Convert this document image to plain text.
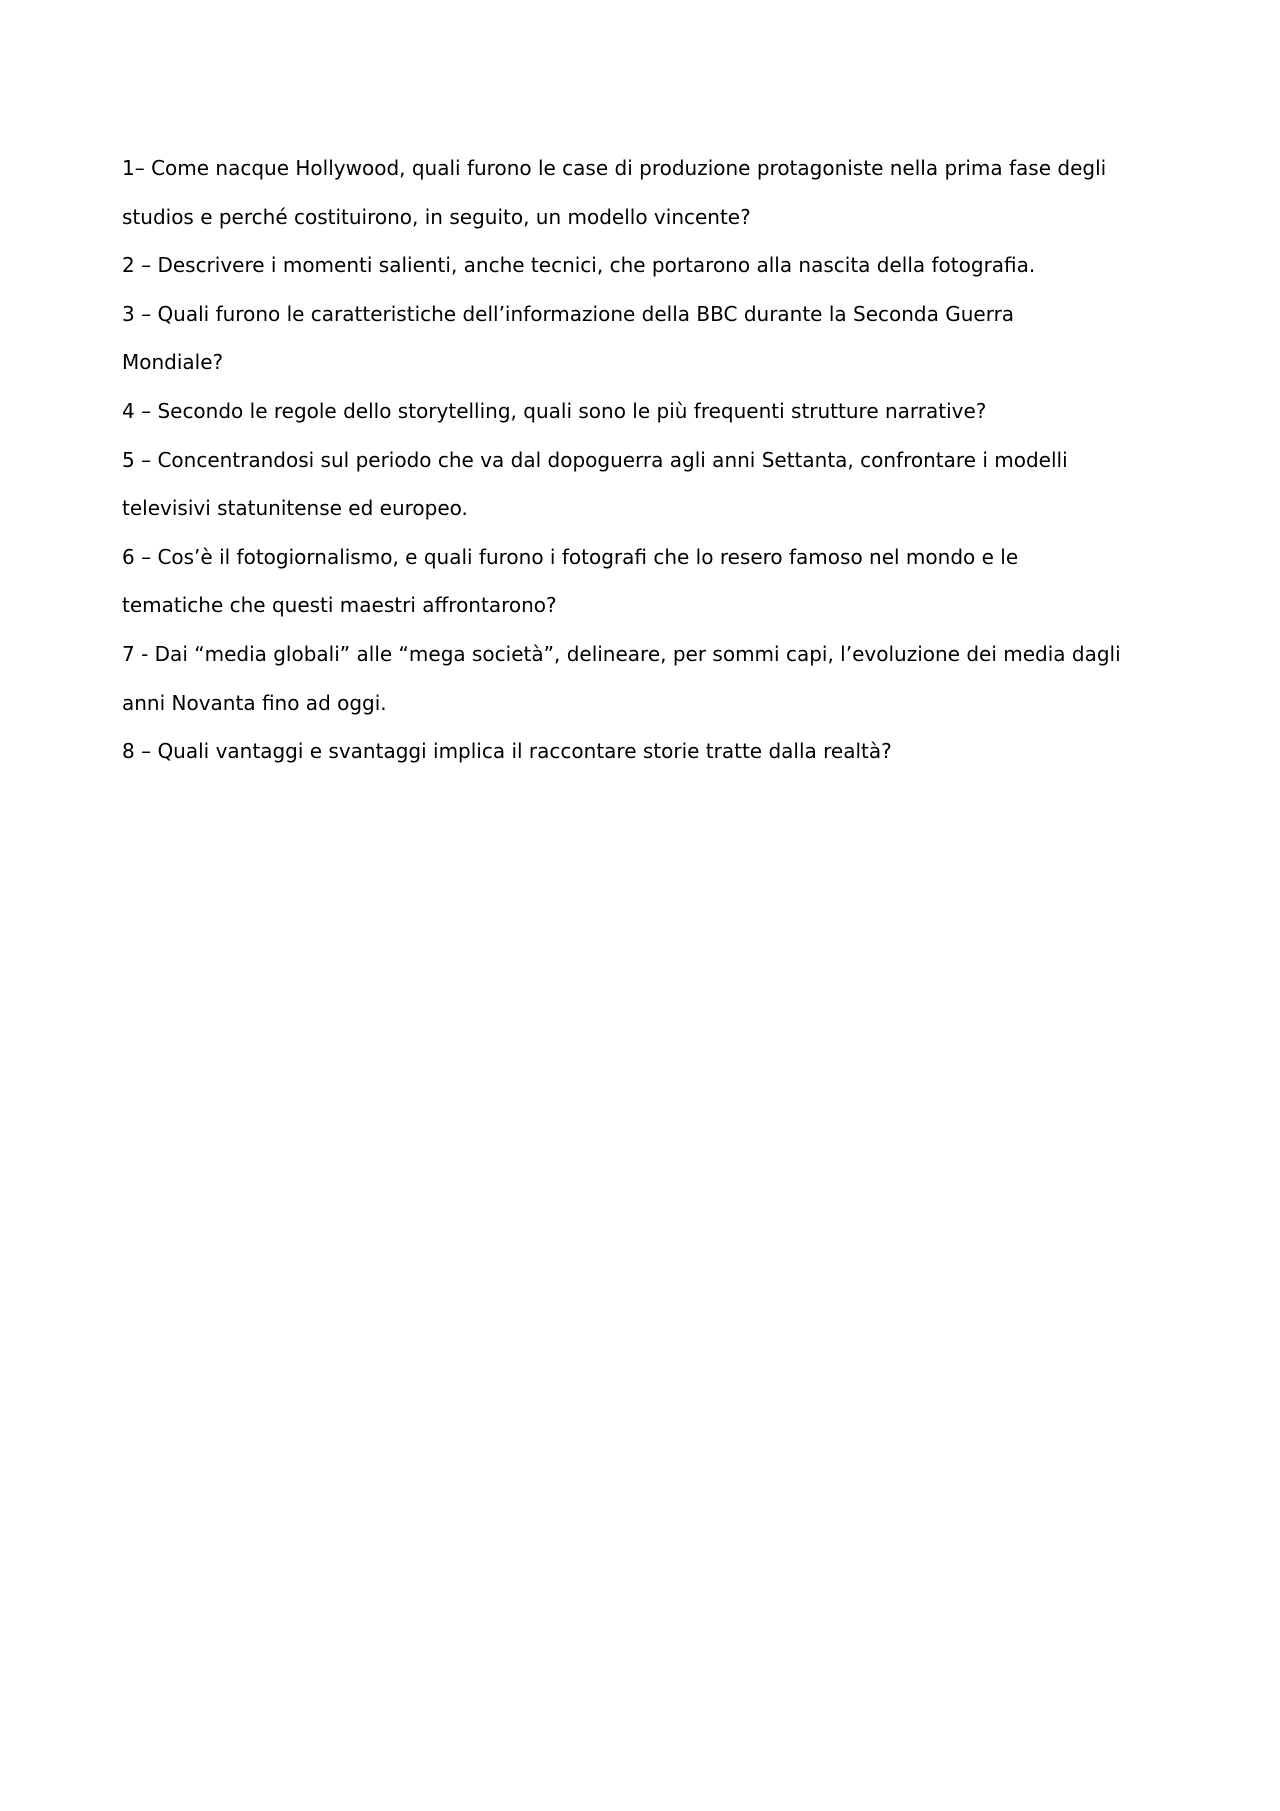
1– Come nacque Hollywood, quali furono le case di produzione protagoniste nella prima fase degli
studios e perché costituirono, in seguito, un modello vincente?
2 – Descrivere i momenti salienti, anche tecnici, che portarono alla nascita della fotografia.
3 – Quali furono le caratteristiche dell’informazione della BBC durante la Seconda Guerra
Mondiale?
4 – Secondo le regole dello storytelling, quali sono le più frequenti strutture narrative?
5 – Concentrandosi sul periodo che va dal dopoguerra agli anni Settanta, confrontare i modelli
televisivi statunitense ed europeo.
6 – Cos’è il fotogiornalismo, e quali furono i fotografi che lo resero famoso nel mondo e le
tematiche che questi maestri affrontarono?
7 - Dai “media globali” alle “mega società”, delineare, per sommi capi, l’evoluzione dei media dagli
anni Novanta fino ad oggi.
8 – Quali vantaggi e svantaggi implica il raccontare storie tratte dalla realtà?
